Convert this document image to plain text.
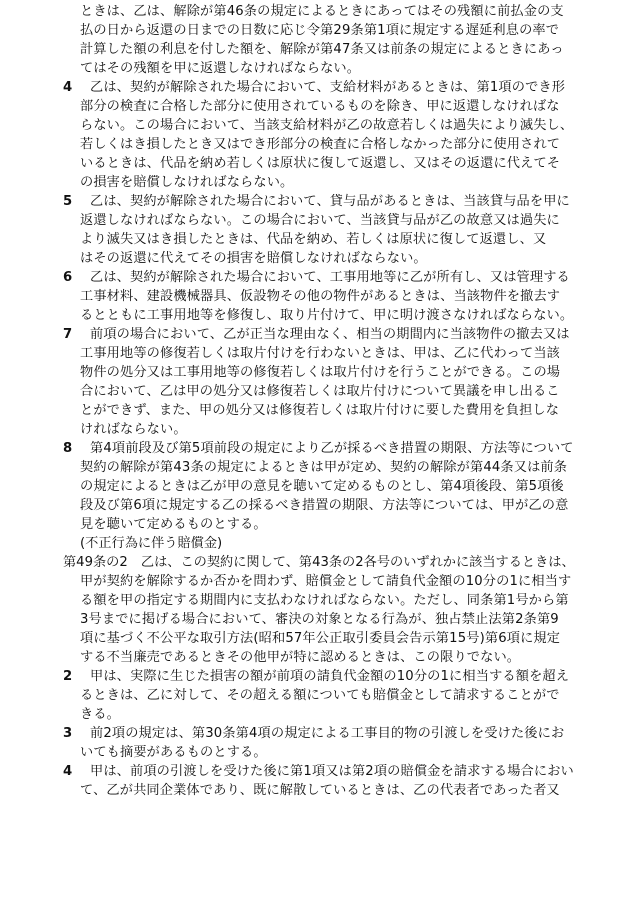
ときは、乙は、解除が第46条の規定によるときにあってはその残額に前払金の支
払の日から返還の日までの日数に応じ令第29条第1項に規定する遅延利息の率で
計算した額の利息を付した額を、解除が第47条又は前条の規定によるときにあっ
てはその残額を甲に返還しなければならない。
4 乙は、契約が解除された場合において、支給材料があるときは、第1項のでき形
部分の検査に合格した部分に使用されているものを除き、甲に返還しなければな
らない。この場合において、当該支給材料が乙の故意若しくは過失により滅失し、
若しくはき損したとき又はでき形部分の検査に合格しなかった部分に使用されて
いるときは、代品を納め若しくは原状に復して返還し、又はその返還に代えてそ
の損害を賠償しなければならない。
5 乙は、契約が解除された場合において、貸与品があるときは、当該貸与品を甲に
返還しなければならない。この場合において、当該貸与品が乙の故意又は過失に
より滅失又はき損したときは、代品を納め、若しくは原状に復して返還し、又
はその返還に代えてその損害を賠償しなければならない。
6 乙は、契約が解除された場合において、工事用地等に乙が所有し、又は管理する
工事材料、建設機械器具、仮設物その他の物件があるときは、当該物件を撤去す
るとともに工事用地等を修復し、取り片付けて、甲に明け渡さなければならない。
7 前項の場合において、乙が正当な理由なく、相当の期間内に当該物件の撤去又は
工事用地等の修復若しくは取片付けを行わないときは、甲は、乙に代わって当該
物件の処分又は工事用地等の修復若しくは取片付けを行うことができる。この場
合において、乙は甲の処分又は修復若しくは取片付けについて異議を申し出るこ
とができず、また、甲の処分又は修復若しくは取片付けに要した費用を負担しな
ければならない。
8 第4項前段及び第5項前段の規定により乙が採るべき措置の期限、方法等について
契約の解除が第43条の規定によるときは甲が定め、契約の解除が第44条又は前条
の規定によるときは乙が甲の意見を聴いて定めるものとし、第4項後段、第5項後
段及び第6項に規定する乙の採るべき措置の期限、方法等については、甲が乙の意
見を聴いて定めるものとする。
(不正行為に伴う賠償金)
第49条の2　乙は、この契約に関して、第43条の2各号のいずれかに該当するときは、
甲が契約を解除するか否かを問わず、賠償金として請負代金額の10分の1に相当す
る額を甲の指定する期間内に支払わなければならない。ただし、同条第1号から第
3号までに掲げる場合において、審決の対象となる行為が、独占禁止法第2条第9
項に基づく不公平な取引方法(昭和57年公正取引委員会告示第15号)第6項に規定
する不当廉売であるときその他甲が特に認めるときは、この限りでない。
2 甲は、実際に生じた損害の額が前項の請負代金額の10分の1に相当する額を超え
るときは、乙に対して、その超える額についても賠償金として請求することがで
きる。
3 前2項の規定は、第30条第4項の規定による工事目的物の引渡しを受けた後にお
いても摘要があるものとする。
4 甲は、前項の引渡しを受けた後に第1項又は第2項の賠償金を請求する場合におい
て、乙が共同企業体であり、既に解散しているときは、乙の代表者であった者又
